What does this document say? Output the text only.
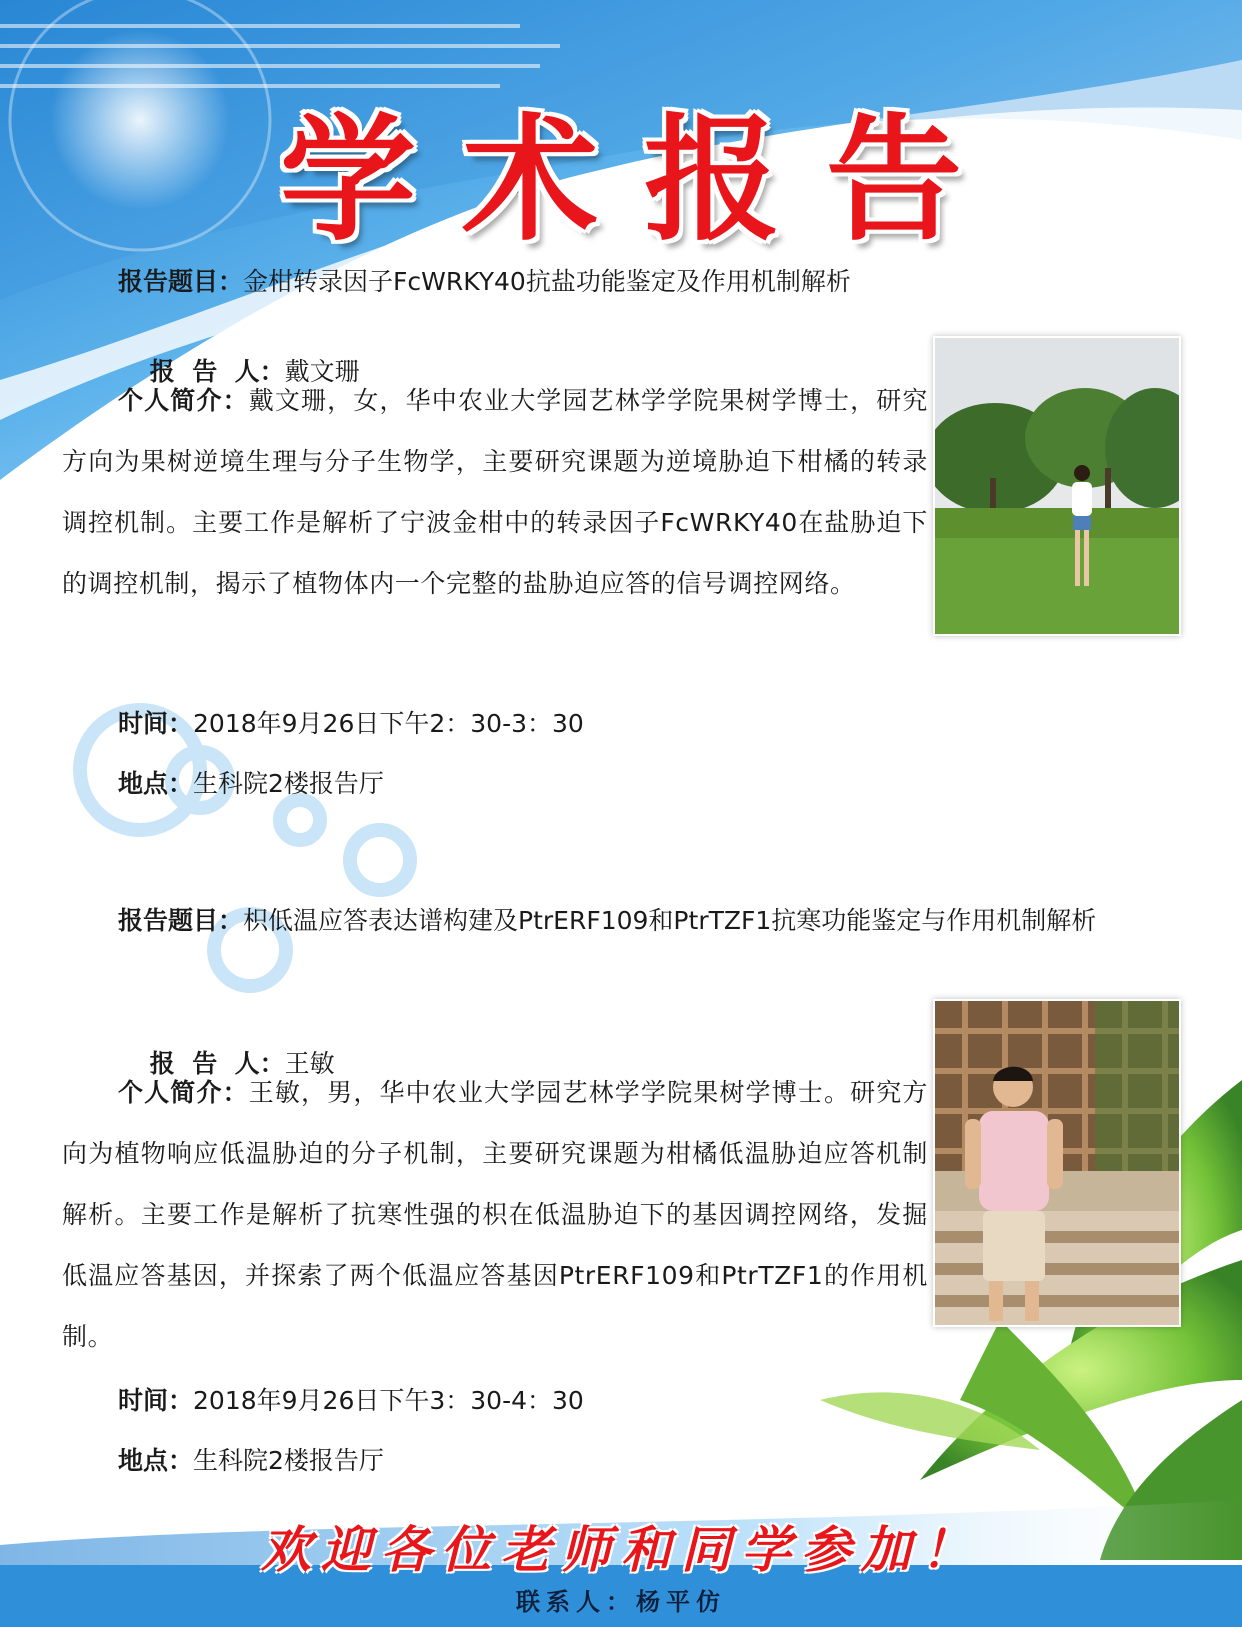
学术报告
报告题目：金柑转录因子FcWRKY40抗盐功能鉴定及作用机制解析

报  告  人：戴文珊

个人简介：戴文珊，女，华中农业大学园艺林学学院果树学博士，研究方向为果树逆境生理与分子生物学，主要研究课题为逆境胁迫下柑橘的转录调控机制。主要工作是解析了宁波金柑中的转录因子FcWRKY40在盐胁迫下的调控机制，揭示了植物体内一个完整的盐胁迫应答的信号调控网络。
时间：2018年9月26日下午2：30-3：30
地点：生科院2楼报告厅
报告题目：枳低温应答表达谱构建及PtrERF109和PtrTZF1抗寒功能鉴定与作用机制解析

报  告  人：王敏

个人简介：王敏，男，华中农业大学园艺林学学院果树学博士。研究方向为植物响应低温胁迫的分子机制，主要研究课题为柑橘低温胁迫应答机制解析。主要工作是解析了抗寒性强的枳在低温胁迫下的基因调控网络，发掘低温应答基因，并探索了两个低温应答基因PtrERF109和PtrTZF1的作用机制。
时间：2018年9月26日下午3：30-4：30
地点：生科院2楼报告厅
欢迎各位老师和同学参加！
联系人：杨平仿
